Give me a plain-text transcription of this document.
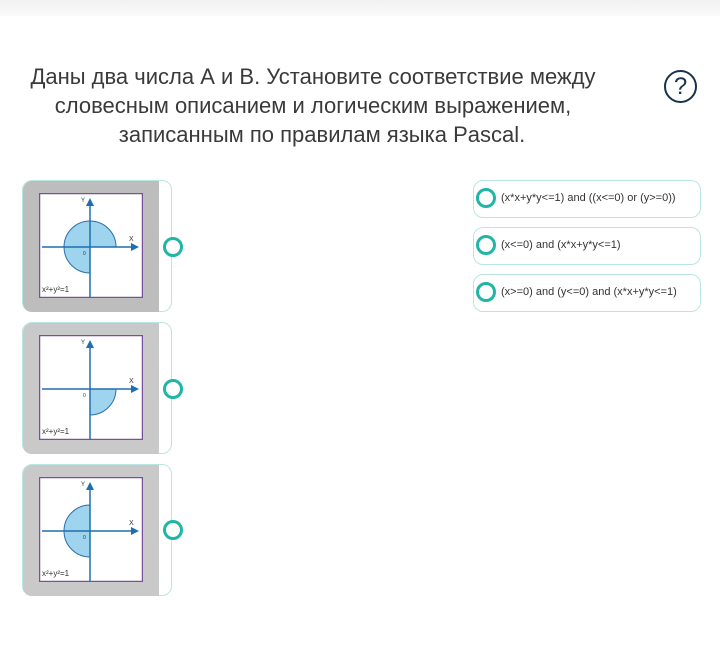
Даны два числа А и В. Установите соответствие между
словесным описанием и логическим выражением,
записанным по правилам языка Pascal.
?
Y
X
0
x²+y²=1
Y
X
0
x²+y²=1
Y
X
0
x²+y²=1
(x*x+y*y<=1) and ((x<=0) or (y>=0))
(x<=0) and (x*x+y*y<=1)
(x>=0) and (y<=0) and (x*x+y*y<=1)
